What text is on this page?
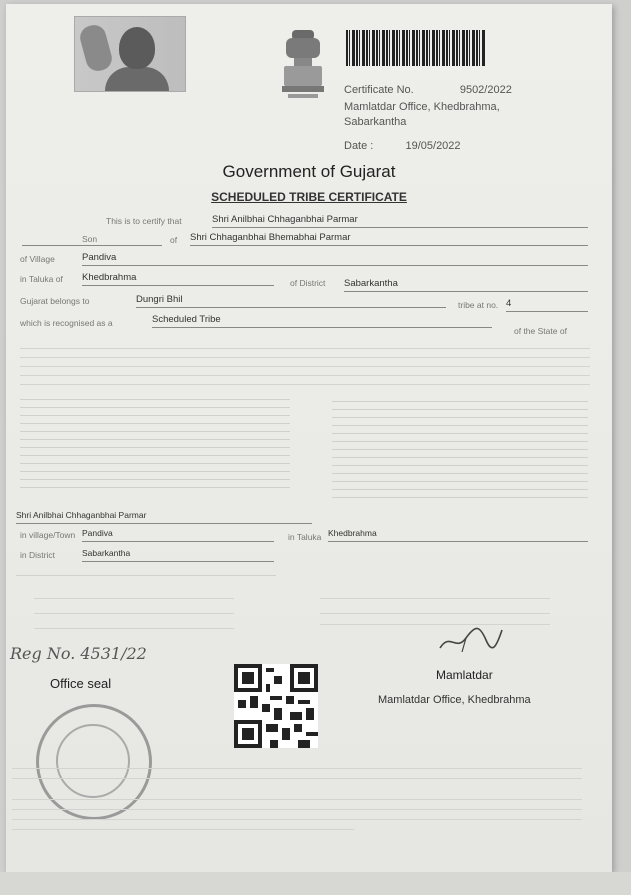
Certificate No.	9502/2022
Mamlatdar Office, Khedbrahma,
Sabarkantha
Date :	19/05/2022
Government of Gujarat
SCHEDULED TRIBE CERTIFICATE
This is to certify that	Shri Anilbhai Chhaganbhai Parmar
Son	of Shri Chhaganbhai Bhemabhai Parmar
of Village	Pandiva
in Taluka of Khedbrahma	of District Sabarkantha
Gujarat belongs to	Dungri Bhil	tribe at no. 4
which is recognised as a	Scheduled Tribe
of the State of
Shri Anilbhai Chhaganbhai Parmar
in village/Town Pandiva	in Taluka Khedbrahma
in District	Sabarkantha
Reg No. 4531/22
Office seal
Mamlatdar
Mamlatdar Office, Khedbrahma
